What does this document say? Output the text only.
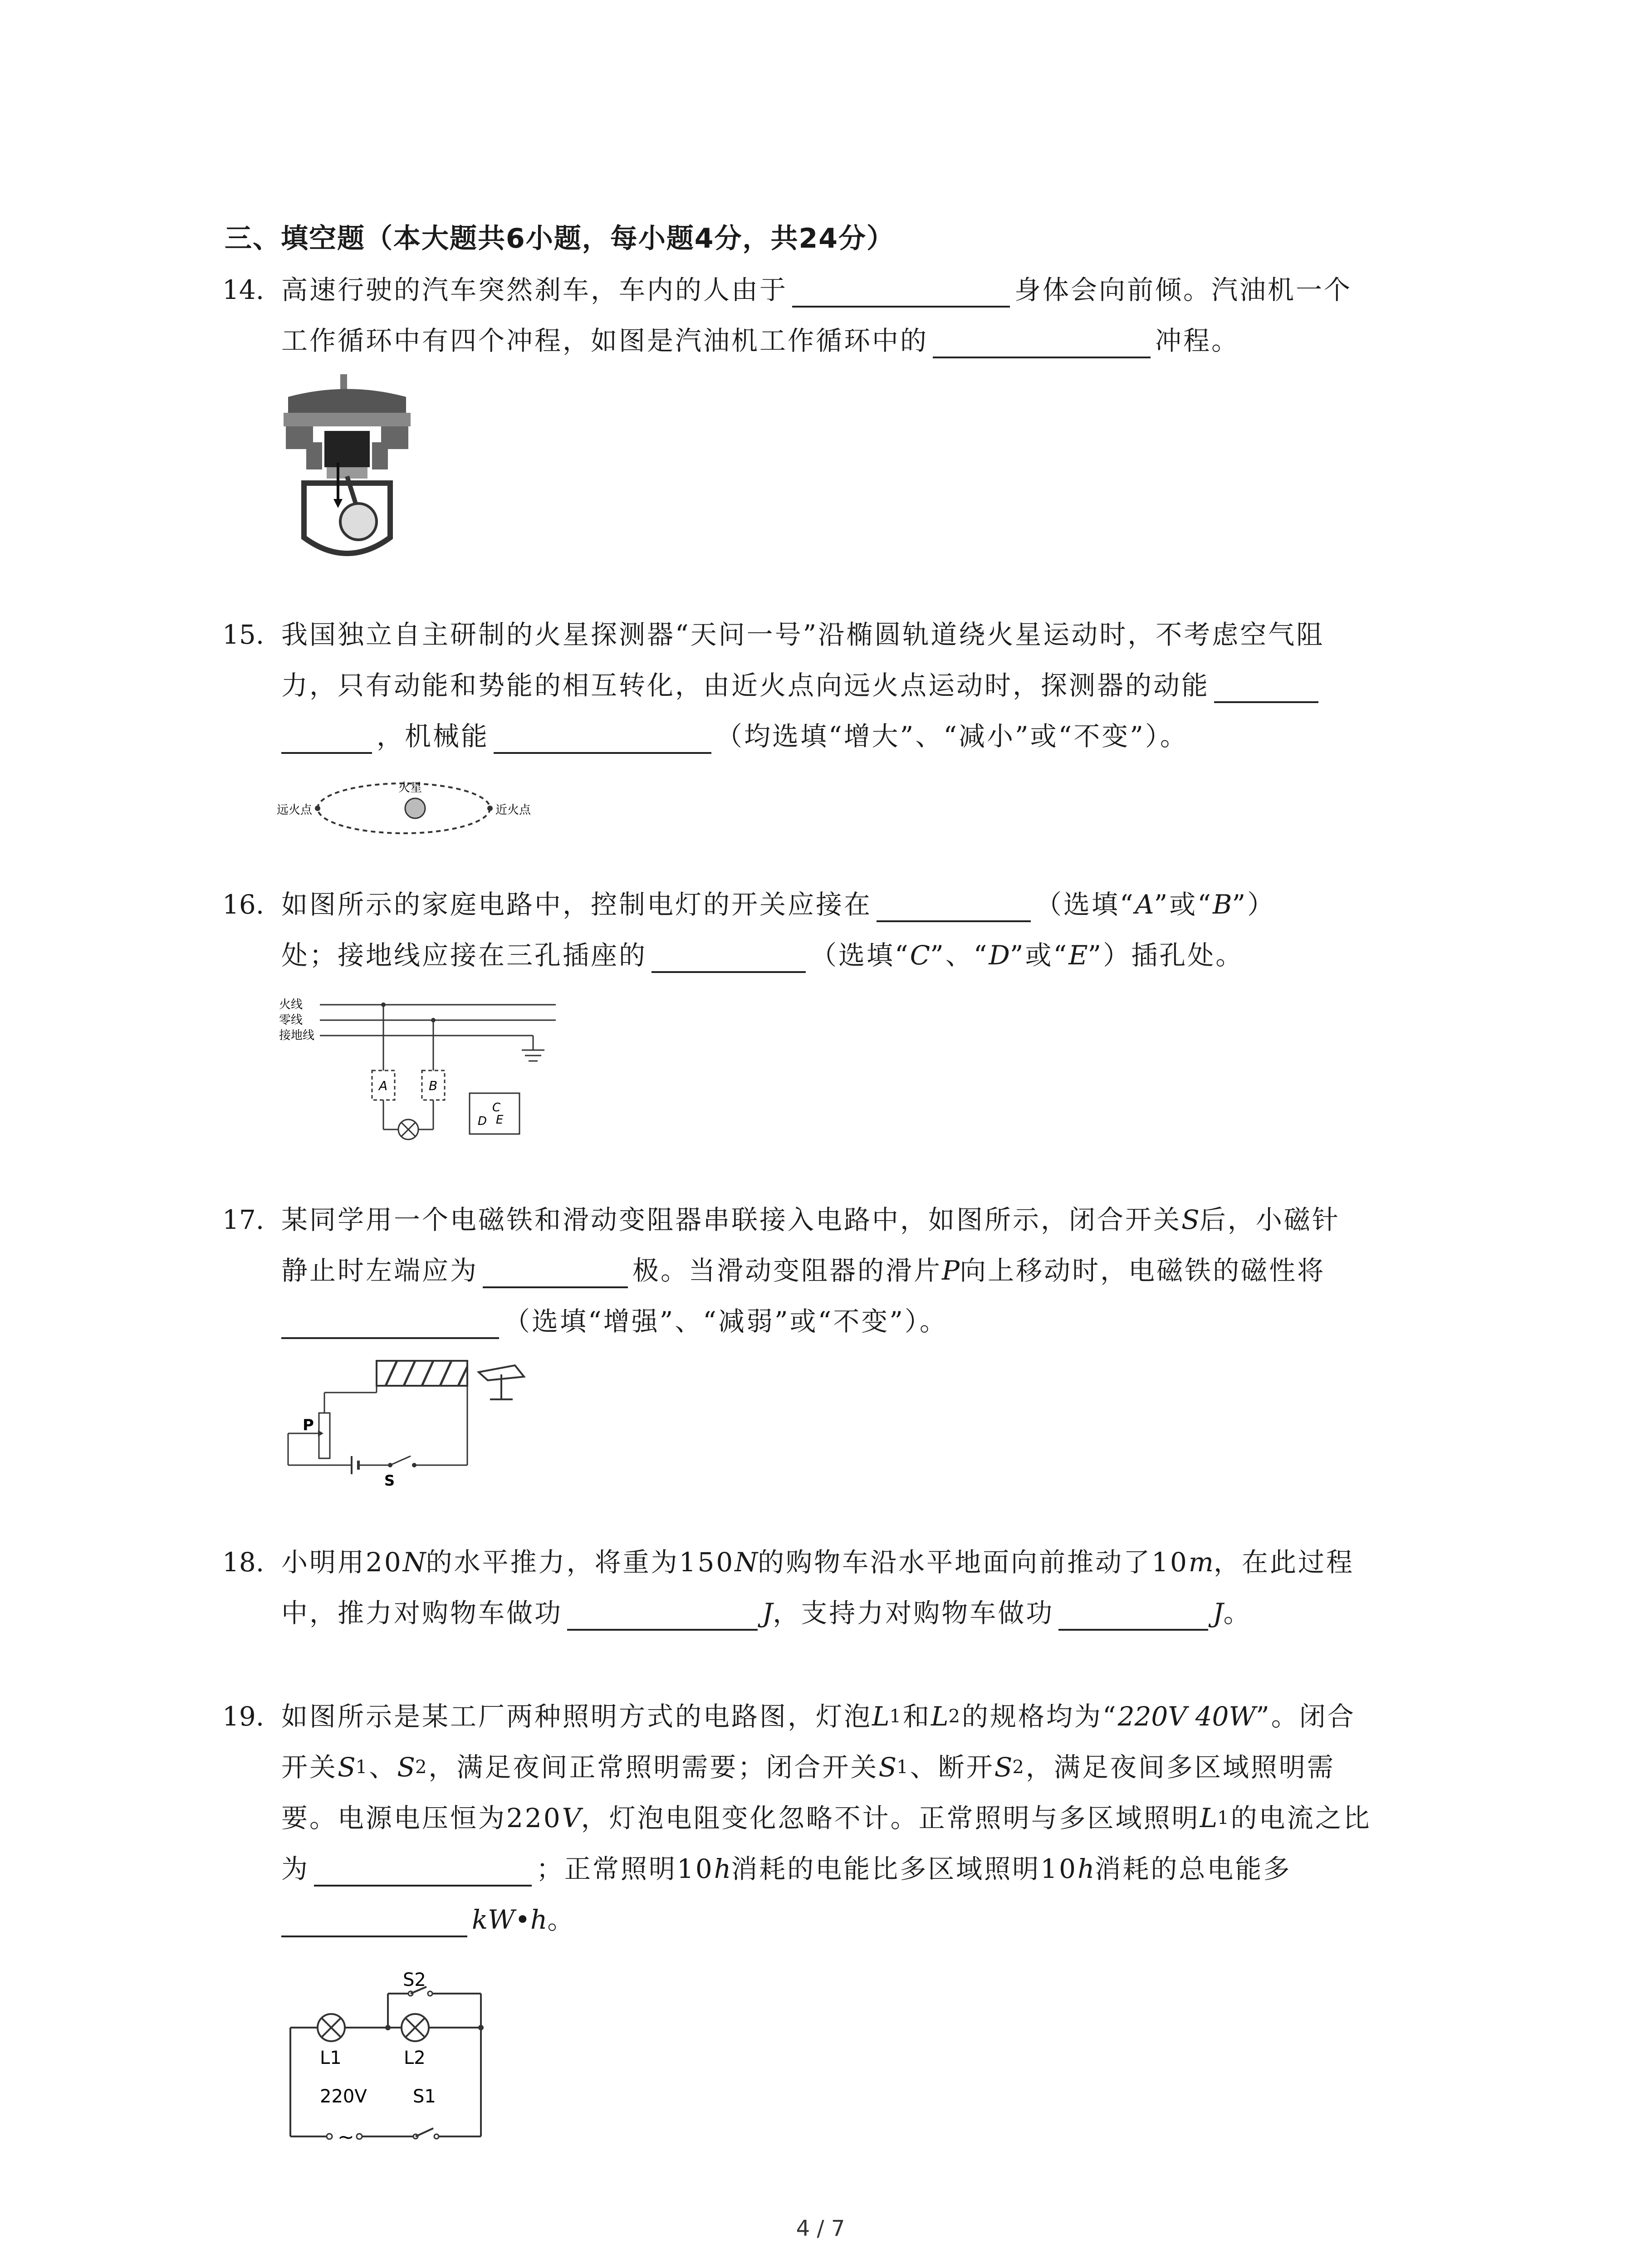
三、填空题（本大题共6小题，每小题4分，共24分）
14. 高速行驶的汽车突然刹车，车内的人由于	身体会向前倾。汽油机一个
工作循环中有四个冲程，如图是汽油机工作循环中的	冲程。
15. 我国独立自主研制的火星探测器“天问一号”沿椭圆轨道绕火星运动时，不考虑空气阻
力，只有动能和势能的相互转化，由近火点向远火点运动时，探测器的动能
，机械能	（均选填“增大”、“减小”或“不变”）。
远火点
火星
近火点
16. 如图所示的家庭电路中，控制电灯的开关应接在	（选填“ A ”或“ B ”）
处；接地线应接在三孔插座的	（选填“ C ”、“ D ”或“ E ”）插孔处。
火线
零线
接地线
A	B
D
C
E
17. 某同学用一个电磁铁和滑动变阻器串联接入电路中，如图所示，闭合开关 S 后，小磁针
静止时左端应为	极。当滑动变阻器的滑片 P 向上移动时，电磁铁的磁性将
（选填“增强”、“减弱”或“不变”）。
P
S
18. 小明用 20 N 的水平推力，将重为 150 N 的购物车沿水平地面向前推动了 10 m ，在此过程
中，推力对购物车做功	J ，支持力对购物车做功	J 。
19. 如图所示是某工厂两种照明方式的电路图，灯泡 L 1 和 L 2 的规格均为“ 220V 40W ”。闭合
开关 S 1 、 S 2 ，满足夜间正常照明需要；闭合开关 S 1 、断开 S 2 ，满足夜间多区域照明需
要。电源电压恒为 220 V ，灯泡电阻变化忽略不计。正常照明与多区域照明 L 1 的电流之比
为	；正常照明 10 h 消耗的电能比多区域照明 10 h 消耗的总电能多
kW•h 。
S2
L1	L2
220V	S1
~
4 / 7
